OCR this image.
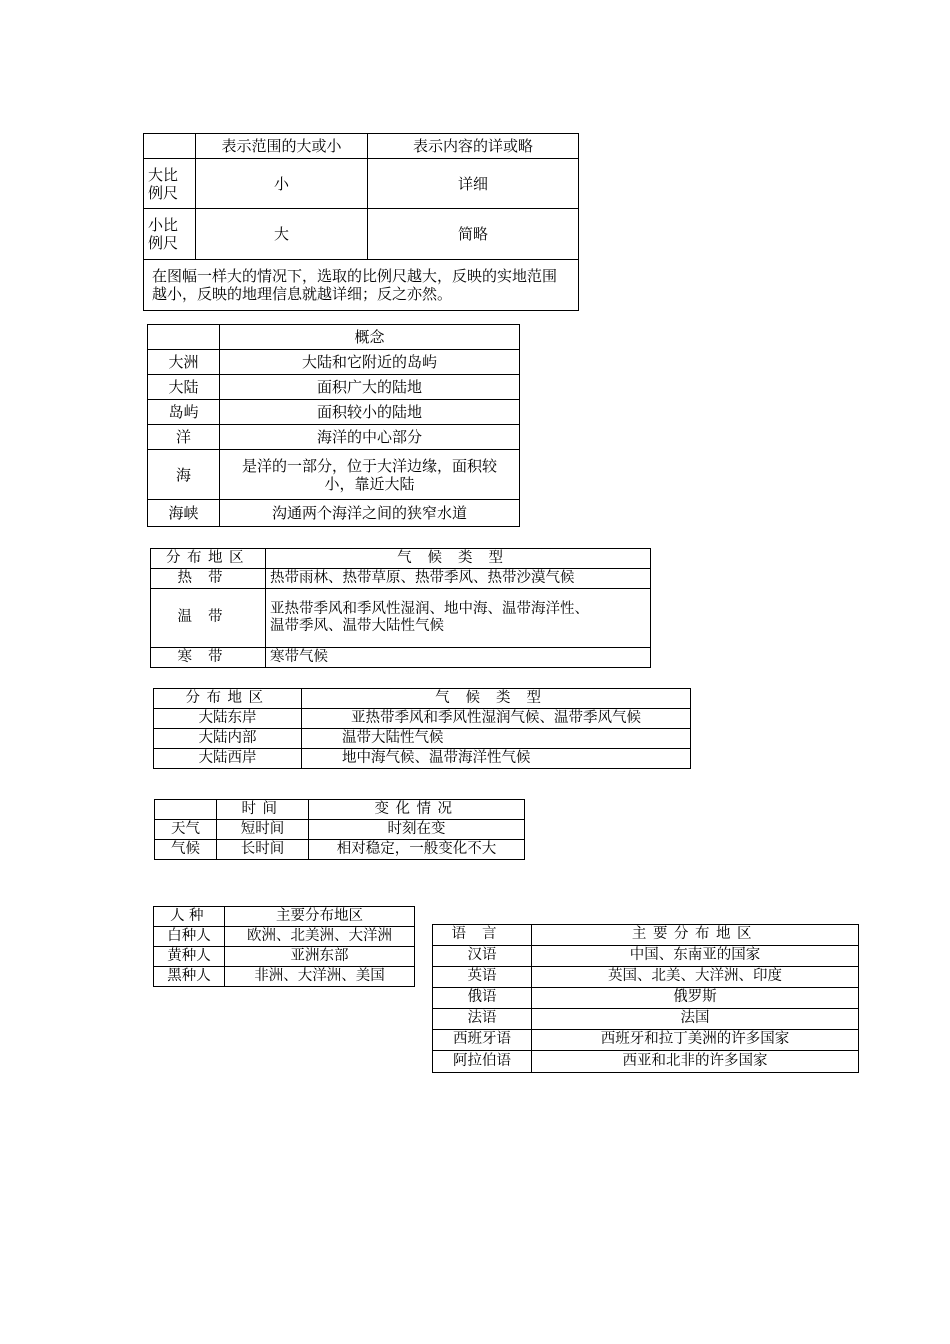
	表示范围的大或小	表示内容的详或略
大比例尺	小	详细
小比例尺	大	简略
在图幅一样大的情况下，选取的比例尺越大，反映的实地范围越小，反映的地理信息就越详细；反之亦然。		
	概念
大洲	大陆和它附近的岛屿
大陆	面积广大的陆地
岛屿	面积较小的陆地
洋	海洋的中心部分
海	是洋的一部分，位于大洋边缘，面积较小，靠近大陆
海峡	沟通两个海洋之间的狭窄水道
分布地区	气候类型
热带	热带雨林、热带草原、热带季风、热带沙漠气候
温带	亚热带季风和季风性湿润、地中海、温带海洋性、
温带季风、温带大陆性气候

寒带	寒带气候
分布地区	气候类型
大陆东岸	亚热带季风和季风性湿润气候、温带季风气候
大陆内部	温带大陆性气候
大陆西岸	地中海气候、温带海洋性气候
	时间	变化情况
天气	短时间	时刻在变
气候	长时间	相对稳定，一般变化不大
人种	主要分布地区
白种人	欧洲、北美洲、大洋洲
黄种人	亚洲东部
黑种人	非洲、大洋洲、美国
语言	主要分布地区
汉语	中国、东南亚的国家
英语	英国、北美、大洋洲、印度
俄语	俄罗斯
法语	法国
西班牙语	西班牙和拉丁美洲的许多国家
阿拉伯语	西亚和北非的许多国家
